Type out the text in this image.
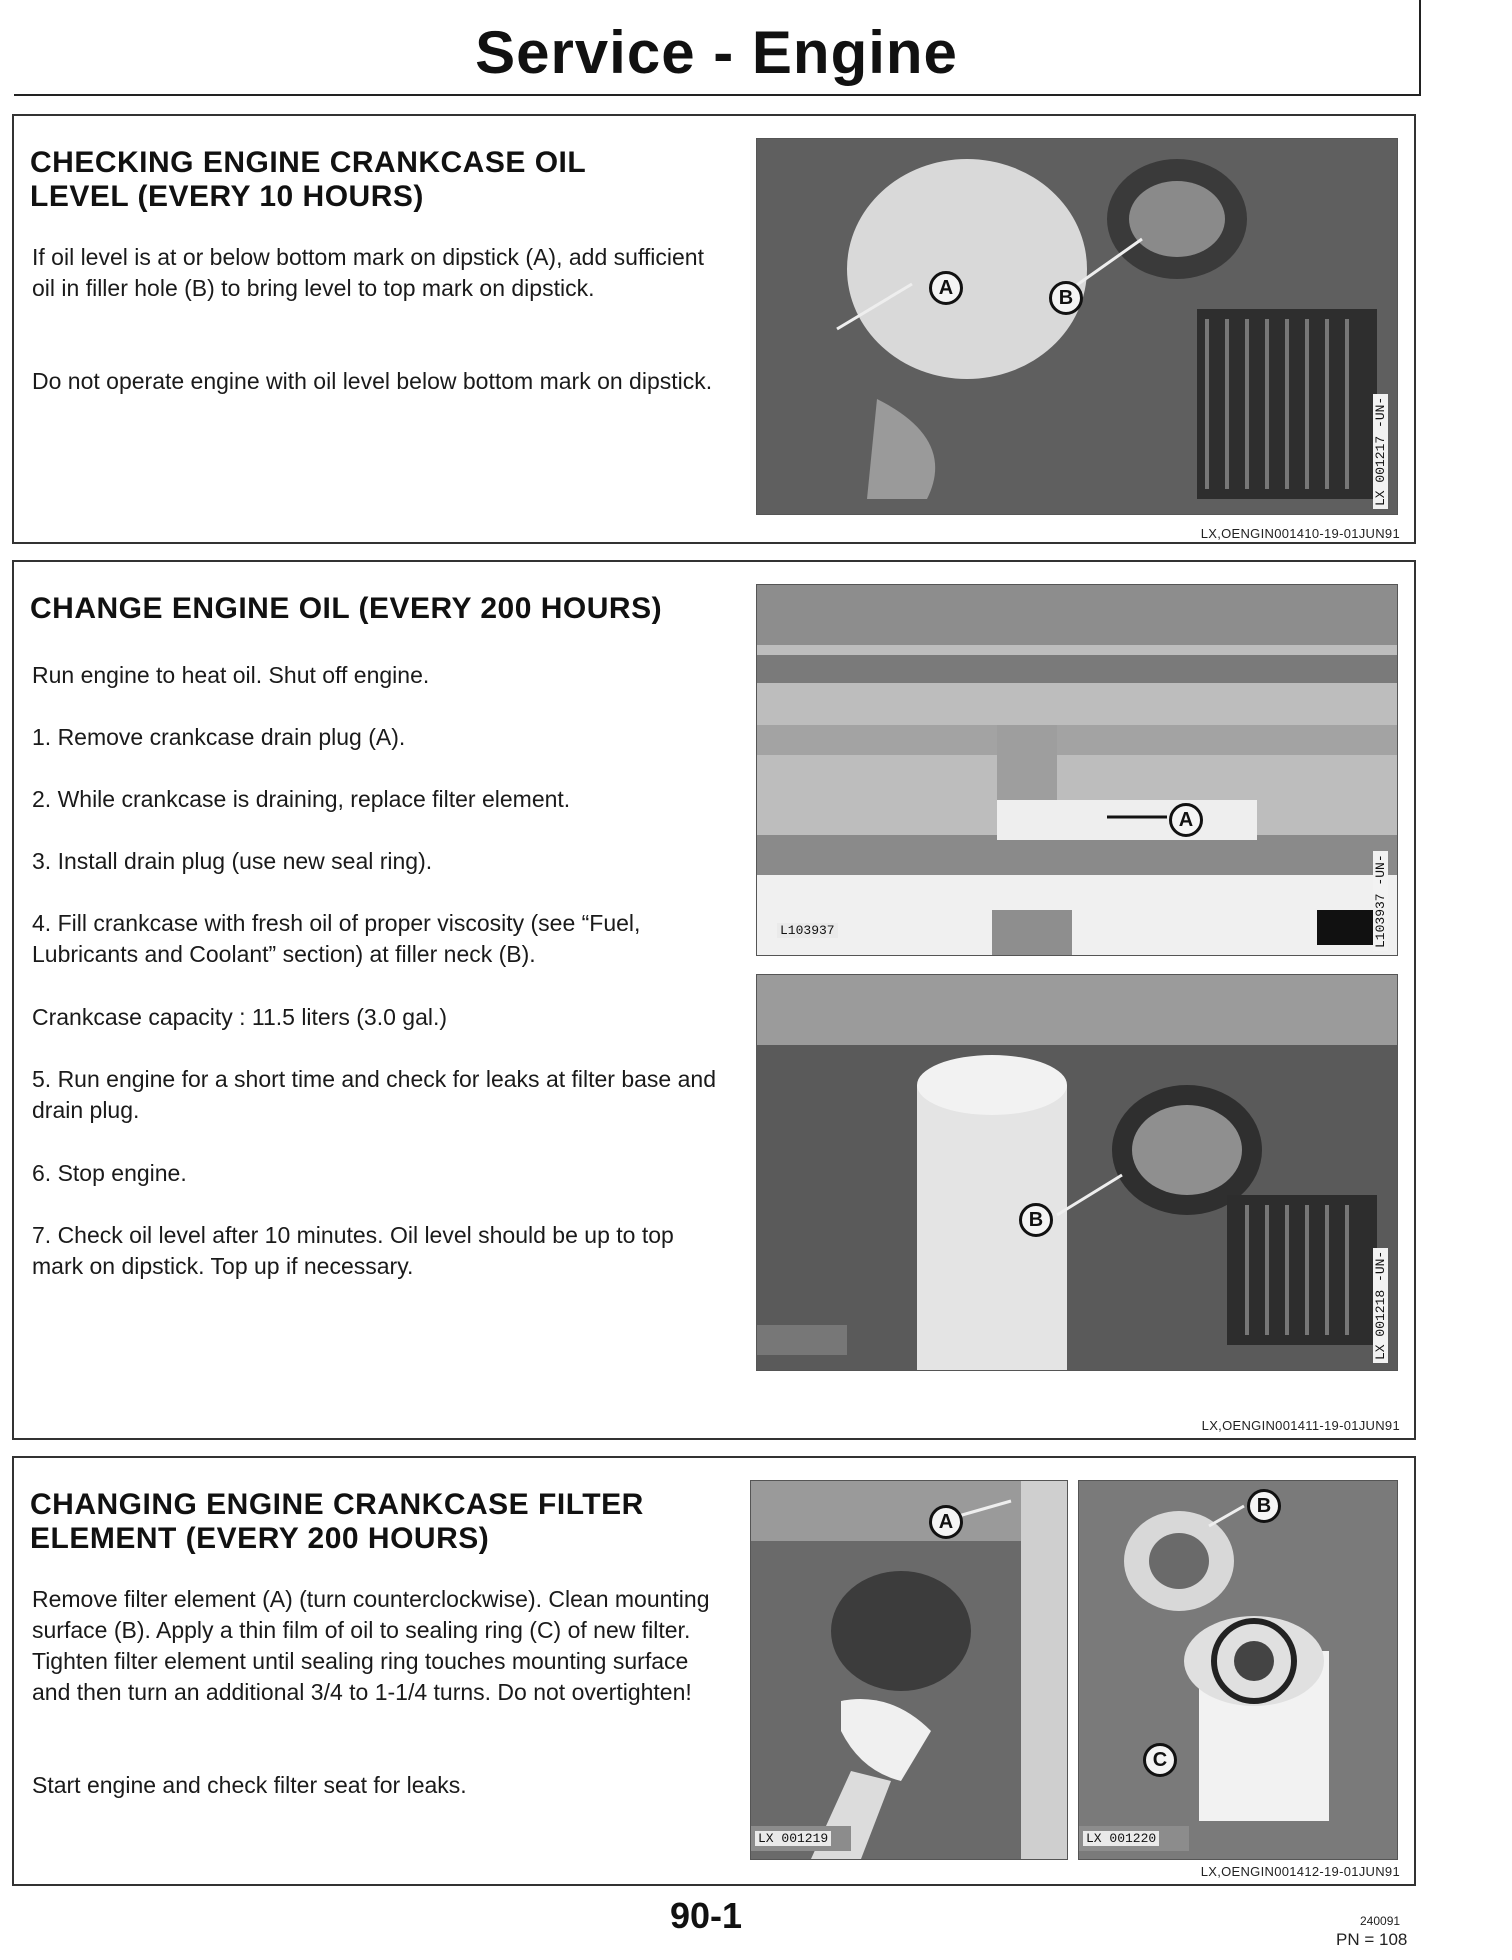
Service - Engine
CHECKING ENGINE CRANKCASE OIL LEVEL (EVERY 10 HOURS)
If oil level is at or below bottom mark on dipstick (A), add sufficient oil in filler hole (B) to bring level to top mark on dipstick.
Do not operate engine with oil level below bottom mark on dipstick.
A	B
LX 001217 -UN-
LX,OENGIN001410-19-01JUN91
CHANGE ENGINE OIL (EVERY 200 HOURS)
Run engine to heat oil. Shut off engine.
1. Remove crankcase drain plug (A).
2. While crankcase is draining, replace filter element.
3. Install drain plug (use new seal ring).
4. Fill crankcase with fresh oil of proper viscosity (see “Fuel, Lubricants and Coolant” section) at filler neck (B).
Crankcase capacity : 11.5 liters (3.0 gal.)
5. Run engine for a short time and check for leaks at filter base and drain plug.
6. Stop engine.
7. Check oil level after 10 minutes. Oil level should be up to top mark on dipstick. Top up if necessary.
A
L103937	L103937 -UN-
B
LX 001218 -UN-
LX,OENGIN001411-19-01JUN91
CHANGING ENGINE CRANKCASE FILTER ELEMENT (EVERY 200 HOURS)
Remove filter element (A) (turn counterclockwise). Clean mounting surface (B). Apply a thin film of oil to sealing ring (C) of new filter. Tighten filter element until sealing ring touches mounting surface and then turn an additional 3/4 to 1-1/4 turns. Do not overtighten!
Start engine and check filter seat for leaks.
A
LX 001219
B
C
LX 001220
LX,OENGIN001412-19-01JUN91
90-1	240091
PN = 108
